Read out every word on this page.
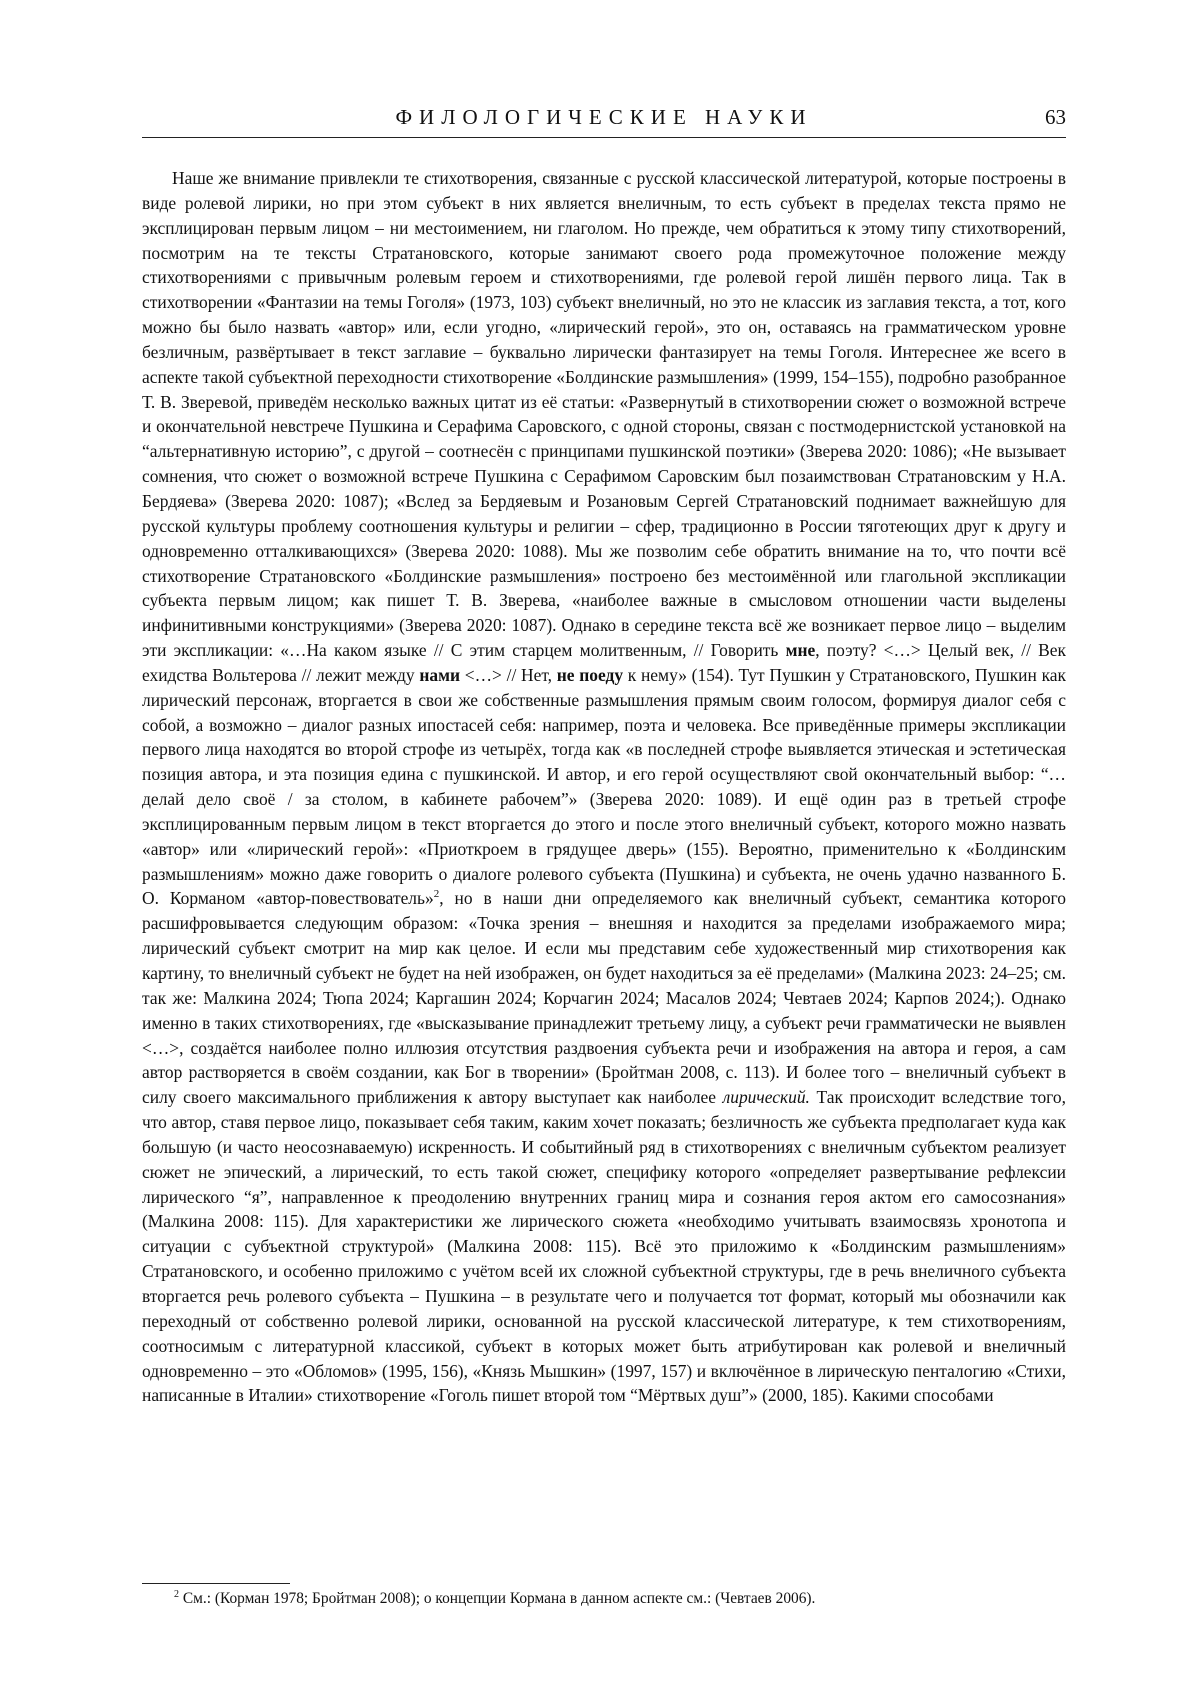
ФИЛОЛОГИЧЕСКИЕ НАУКИ	63

Наше же внимание привлекли те стихотворения, связанные с русской классической литературой, которые построены в виде ролевой лирики, но при этом субъект в них является внеличным, то есть субъект в пределах текста прямо не эксплицирован первым лицом – ни местоимением, ни глаголом. Но прежде, чем обратиться к этому типу стихотворений, посмотрим на те тексты Стратановского, которые занимают своего рода промежуточное положение между стихотворениями с привычным ролевым героем и стихотворениями, где ролевой герой лишён первого лица. Так в стихотворении «Фантазии на темы Гоголя» (1973, 103) субъект внеличный, но это не классик из заглавия текста, а тот, кого можно бы было назвать «автор» или, если угодно, «лирический герой», это он, оставаясь на грамматическом уровне безличным, развёртывает в текст заглавие – буквально лирически фантазирует на темы Гоголя. Интереснее же всего в аспекте такой субъектной переходности стихотворение «Болдинские размышления» (1999, 154–155), подробно разобранное Т. В. Зверевой, приведём несколько важных цитат из её статьи: «Развернутый в стихотворении сюжет о возможной встрече и окончательной невстрече Пушкина и Серафима Саровского, с одной стороны, связан с постмодернистской установкой на “альтернативную историю”, с другой – соотнесён с принципами пушкинской поэтики» (Зверева 2020: 1086); «Не вызывает сомнения, что сюжет о возможной встрече Пушкина с Серафимом Саровским был позаимствован Стратановским у Н.А. Бердяева» (Зверева 2020: 1087); «Вслед за Бердяевым и Розановым Сергей Стратановский поднимает важнейшую для русской культуры проблему соотношения культуры и религии – сфер, традиционно в России тяготеющих друг к другу и одновременно отталкивающихся» (Зверева 2020: 1088). Мы же позволим себе обратить внимание на то, что почти всё стихотворение Стратановского «Болдинские размышления» построено без местоимённой или глагольной экспликации субъекта первым лицом; как пишет Т. В. Зверева, «наиболее важные в смысловом отношении части выделены инфинитивными конструкциями» (Зверева 2020: 1087). Однако в середине текста всё же возникает первое лицо – выделим эти экспликации: «…На каком языке // С этим старцем молитвенным, // Говорить мне, поэту? <…> Целый век, // Век ехидства Вольтерова // лежит между нами <…> // Нет, не поеду к нему» (154). Тут Пушкин у Стратановского, Пушкин как лирический персонаж, вторгается в свои же собственные размышления прямым своим голосом, формируя диалог себя с собой, а возможно – диалог разных ипостасей себя: например, поэта и человека. Все приведённые примеры экспликации первого лица находятся во второй строфе из четырёх, тогда как «в последней строфе выявляется этическая и эстетическая позиция автора, и эта позиция едина с пушкинской. И автор, и его герой осуществляют свой окончательный выбор: “…делай дело своё / за столом, в кабинете рабочем”» (Зверева 2020: 1089). И ещё один раз в третьей строфе эксплицированным первым лицом в текст вторгается до этого и после этого внеличный субъект, которого можно назвать «автор» или «лирический герой»: «Приоткроем в грядущее дверь» (155). Вероятно, применительно к «Болдинским размышлениям» можно даже говорить о диалоге ролевого субъекта (Пушкина) и субъекта, не очень удачно названного Б. О. Корманом «автор-повествователь»$^2$, но в наши дни определяемого как внеличный субъект, семантика которого расшифровывается следующим образом: «Точка зрения – внешняя и находится за пределами изображаемого мира; лирический субъект смотрит на мир как целое. И если мы представим себе художественный мир стихотворения как картину, то внеличный субъект не будет на ней изображен, он будет находиться за её пределами» (Малкина 2023: 24–25; см. так же: Малкина 2024; Тюпа 2024; Каргашин 2024; Корчагин 2024; Масалов 2024; Чевтаев 2024; Карпов 2024;). Однако именно в таких стихотворениях, где «высказывание принадлежит третьему лицу, а субъект речи грамматически не выявлен <…>, создаётся наиболее полно иллюзия отсутствия раздвоения субъекта речи и изображения на автора и героя, а сам автор растворяется в своём создании, как Бог в творении» (Бройтман 2008, с. 113). И более того – внеличный субъект в силу своего максимального приближения к автору выступает как наиболее лирический. Так происходит вследствие того, что автор, ставя первое лицо, показывает себя таким, каким хочет показать; безличность же субъекта предполагает куда как большую (и часто неосознаваемую) искренность. И событийный ряд в стихотворениях с внеличным субъектом реализует сюжет не эпический, а лирический, то есть такой сюжет, специфику которого «определяет развертывание рефлексии лирического “я”, направленное к преодолению внутренних границ мира и сознания героя актом его самосознания» (Малкина 2008: 115). Для характеристики же лирического сюжета «необходимо учитывать взаимосвязь хронотопа и ситуации с субъектной структурой» (Малкина 2008: 115). Всё это приложимо к «Болдинским размышлениям» Стратановского, и особенно приложимо с учётом всей их сложной субъектной структуры, где в речь внеличного субъекта вторгается речь ролевого субъекта – Пушкина – в результате чего и получается тот формат, который мы обозначили как переходный от собственно ролевой лирики, основанной на русской классической литературе, к тем стихотворениям, соотносимым с литературной классикой, субъект в которых может быть атрибутирован как ролевой и внеличный одновременно – это «Обломов» (1995, 156), «Князь Мышкин» (1997, 157) и включённое в лирическую пенталогию «Стихи, написанные в Италии» стихотворение «Гоголь пишет второй том “Мёртвых душ”» (2000, 185). Какими способами

$^2$ См.: (Корман 1978; Бройтман 2008); о концепции Кормана в данном аспекте см.: (Чевтаев 2006).
